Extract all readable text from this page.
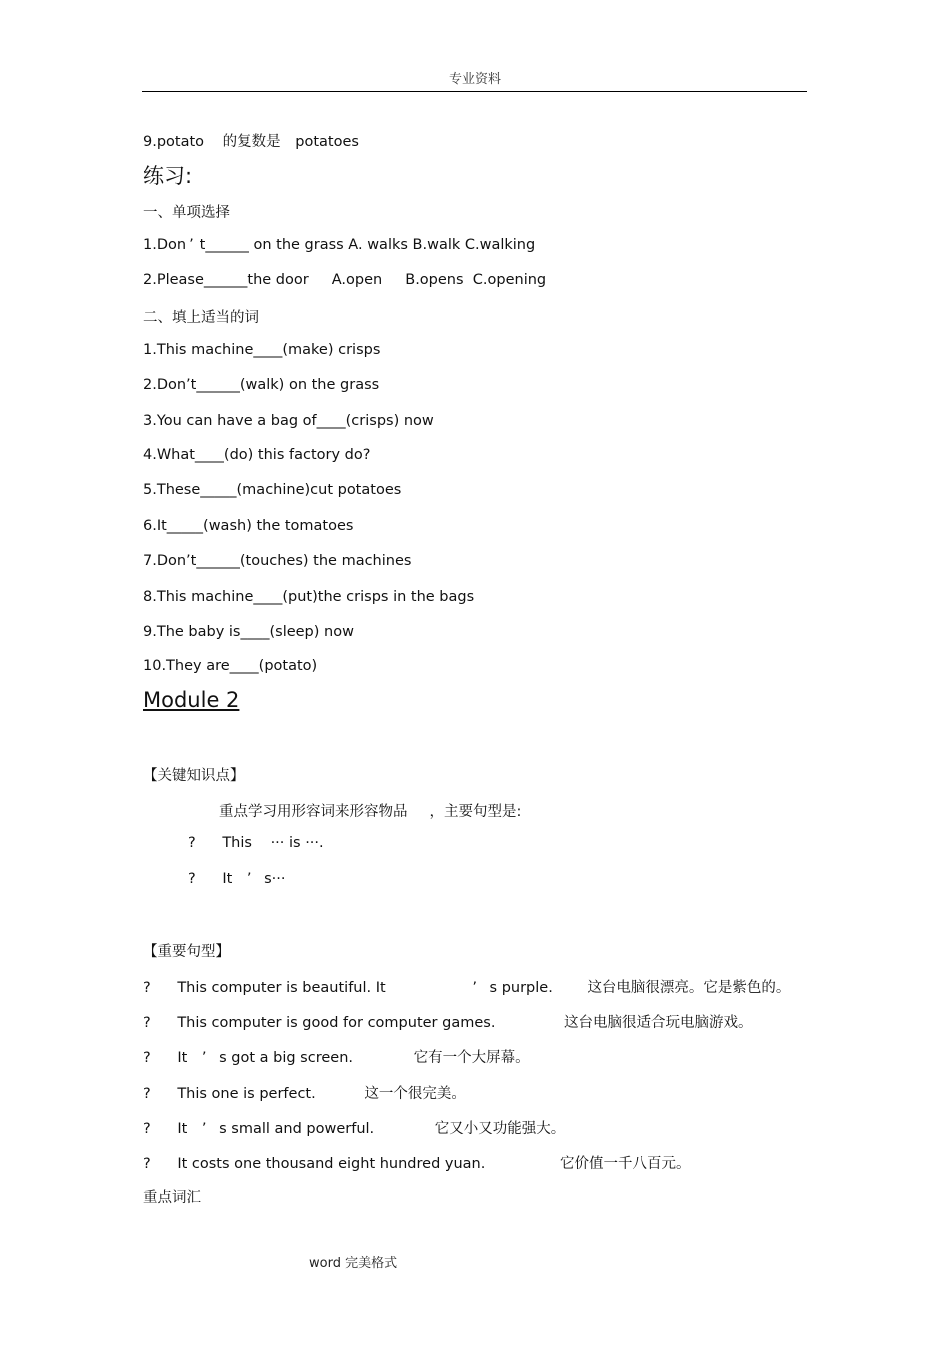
专业资料
9.potato 的复数是 potatoes
练习:
一、单项选择
1.Don ’ t______ on the grass A. walks B.walk C.walking
2.Please______the door     A.open     B.opens  C.opening
二、填上适当的词
1.This machine____(make) crisps
2.Don’t______(walk) on the grass
3.You can have a bag of____(crisps) now
4.What____(do) this factory do?
5.These_____(machine)cut potatoes
6.It_____(wash) the tomatoes
7.Don’t______(touches) the machines
8.This machine____(put)the crisps in the bags
9.The baby is____(sleep) now
10.They are____(potato)
Module 2
【关键知识点】
重点学习用形容词来形容物品 ，主要句型是:
? This ··· is ···.
? It ’ s···
【重要句型】
? This computer is beautiful. It	’ s purple. 这台电脑很漂亮。它是紫色的。
? This computer is good for computer games.	这台电脑很适合玩电脑游戏。
? It ’ s got a big screen.	它有一个大屏幕。
? This one is perfect.	这一个很完美。
? It ’ s small and powerful.	它又小又功能强大。
? It costs one thousand eight hundred yuan.	它价值一千八百元。
重点词汇
word 完美格式
